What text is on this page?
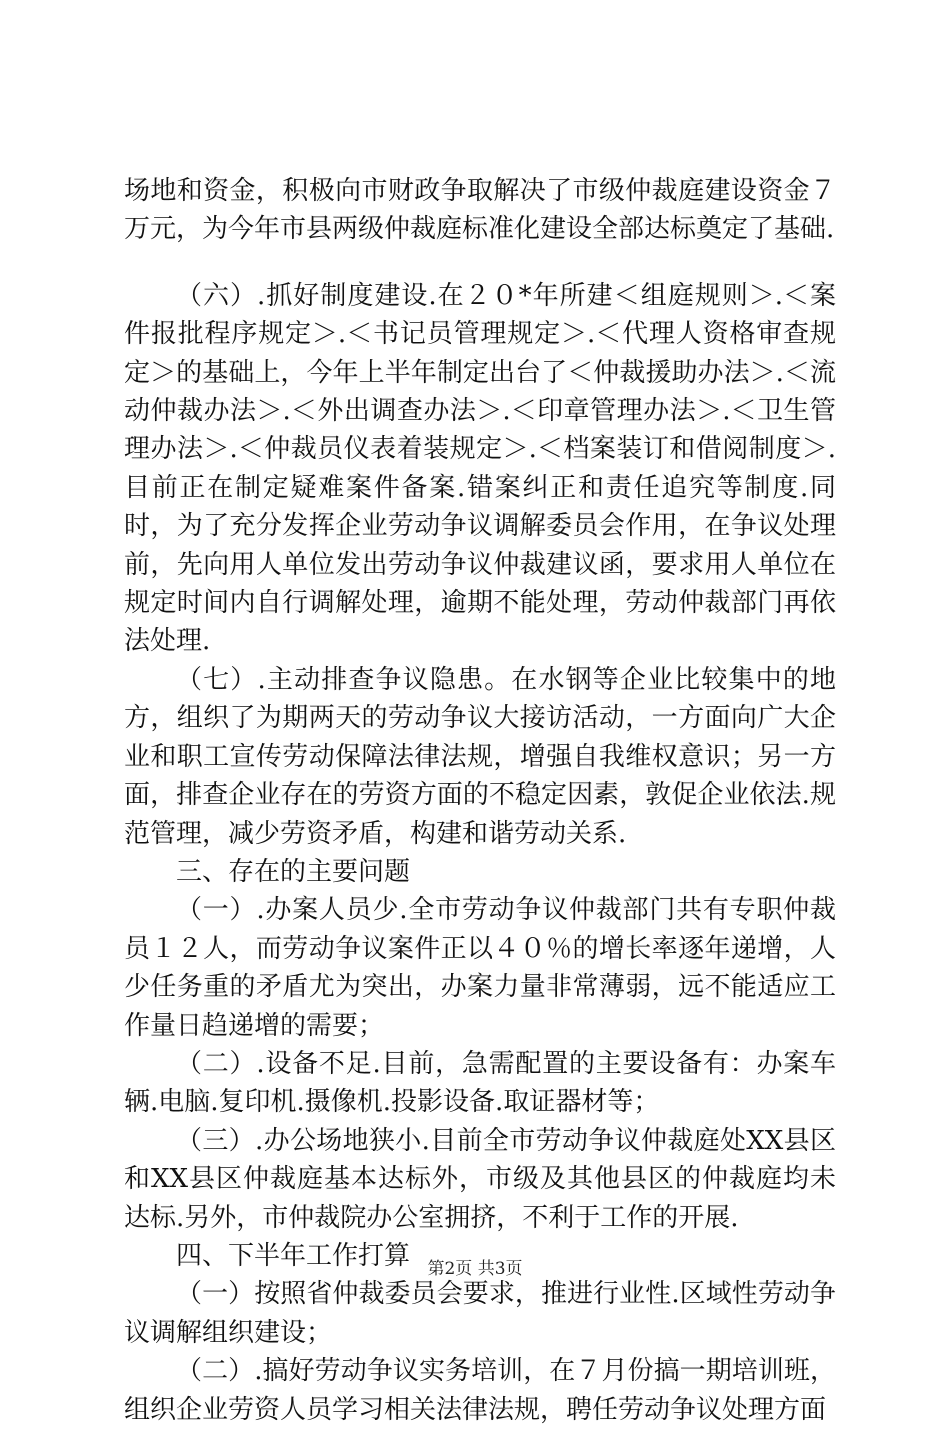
场地和资金，积极向市财政争取解决了市级仲裁庭建设资金７万元，为今年市县两级仲裁庭标准化建设全部达标奠定了基础.

（六）.抓好制度建设.在２０*年所建＜组庭规则＞.＜案件报批程序规定＞.＜书记员管理规定＞.＜代理人资格审查规定＞的基础上，今年上半年制定出台了＜仲裁援助办法＞.＜流动仲裁办法＞.＜外出调查办法＞.＜印章管理办法＞.＜卫生管理办法＞.＜仲裁员仪表着装规定＞.＜档案装订和借阅制度＞.目前正在制定疑难案件备案.错案纠正和责任追究等制度.同时，为了充分发挥企业劳动争议调解委员会作用，在争议处理前，先向用人单位发出劳动争议仲裁建议函，要求用人单位在规定时间内自行调解处理，逾期不能处理，劳动仲裁部门再依法处理.

（七）.主动排查争议隐患。在水钢等企业比较集中的地方，组织了为期两天的劳动争议大接访活动，一方面向广大企业和职工宣传劳动保障法律法规，增强自我维权意识；另一方面，排查企业存在的劳资方面的不稳定因素，敦促企业依法.规范管理，减少劳资矛盾，构建和谐劳动关系.

三、存在的主要问题

（一）.办案人员少.全市劳动争议仲裁部门共有专职仲裁员１２人，而劳动争议案件正以４０％的增长率逐年递增，人少任务重的矛盾尤为突出，办案力量非常薄弱，远不能适应工作量日趋递增的需要；

（二）.设备不足.目前，急需配置的主要设备有：办案车辆.电脑.复印机.摄像机.投影设备.取证器材等；

（三）.办公场地狭小.目前全市劳动争议仲裁庭处XX县区和XX县区仲裁庭基本达标外，市级及其他县区的仲裁庭均未达标.另外，市仲裁院办公室拥挤，不利于工作的开展.

四、下半年工作打算

（一）按照省仲裁委员会要求，推进行业性.区域性劳动争议调解组织建设；

（二）.搞好劳动争议实务培训，在７月份搞一期培训班，组织企业劳资人员学习相关法律法规，聘任劳动争议处理方面

第2页 共3页
